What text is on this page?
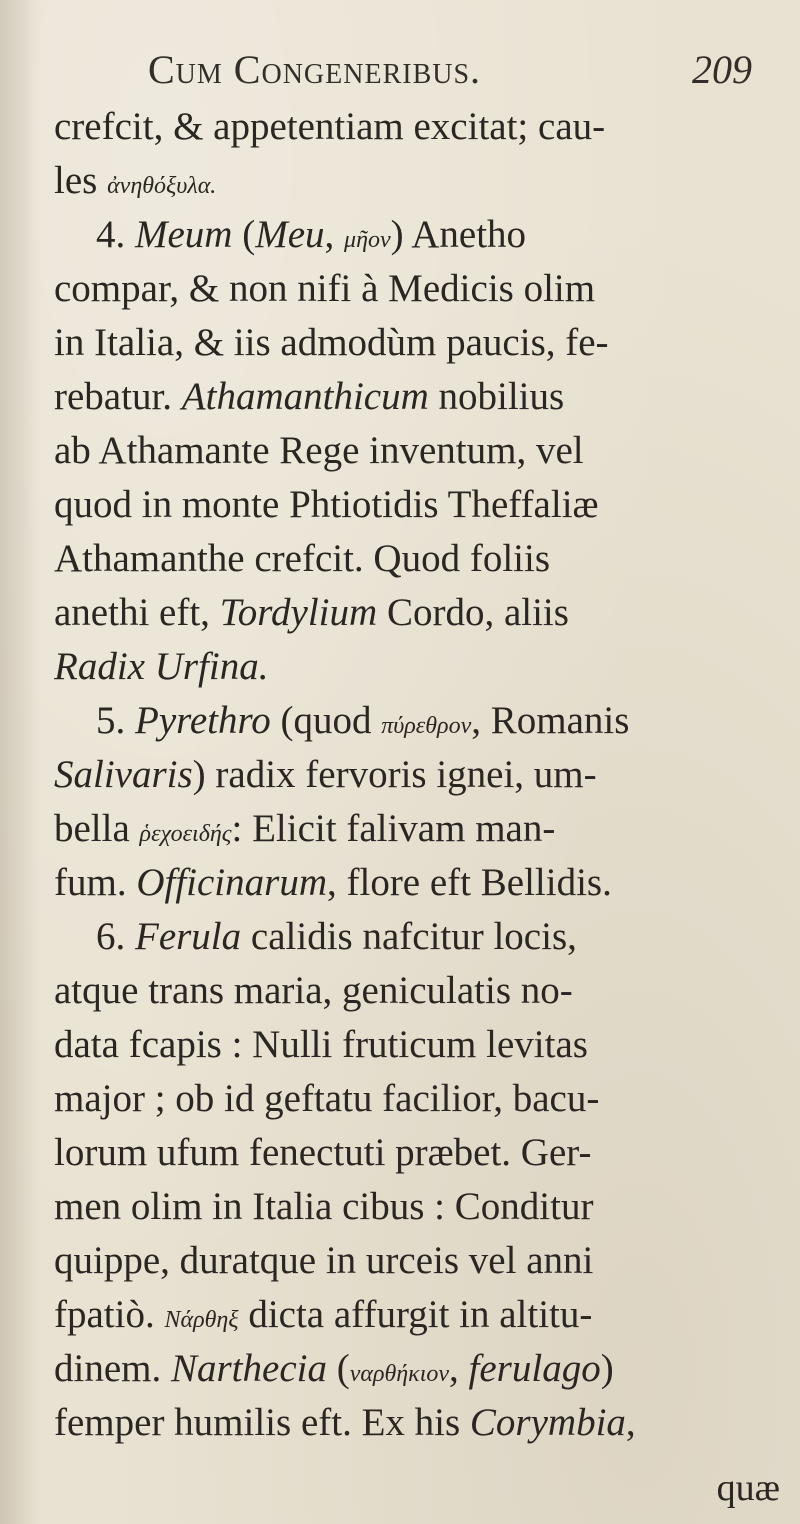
Cum Congeneribus.	209
crefcit, & appetentiam excitat; cau-
les ἀνηθόξυλα.
4. Meum (Meu, μῆον) Anetho
compar, & non nifi à Medicis olim
in Italia, & iis admodùm paucis, fe-
rebatur. Athamanthicum nobilius
ab Athamante Rege inventum, vel
quod in monte Phtiotidis Theffaliæ
Athamanthe crefcit. Quod foliis
anethi eft, Tordylium Cordo, aliis
Radix Urfina.
5. Pyrethro (quod πύρεθρον, Romanis
Salivaris) radix fervoris ignei, um-
bella ῥεχοειδής: Elicit falivam man-
fum. Officinarum, flore eft Bellidis.
6. Ferula calidis nafcitur locis,
atque trans maria, geniculatis no-
data fcapis : Nulli fruticum levitas
major ; ob id geftatu facilior, bacu-
lorum ufum fenectuti præbet. Ger-
men olim in Italia cibus : Conditur
quippe, duratque in urceis vel anni
fpatiò. Νάρθηξ dicta affurgit in altitu-
dinem. Narthecia (ναρθήκιον, ferulago)
femper humilis eft. Ex his Corymbia,
quæ
